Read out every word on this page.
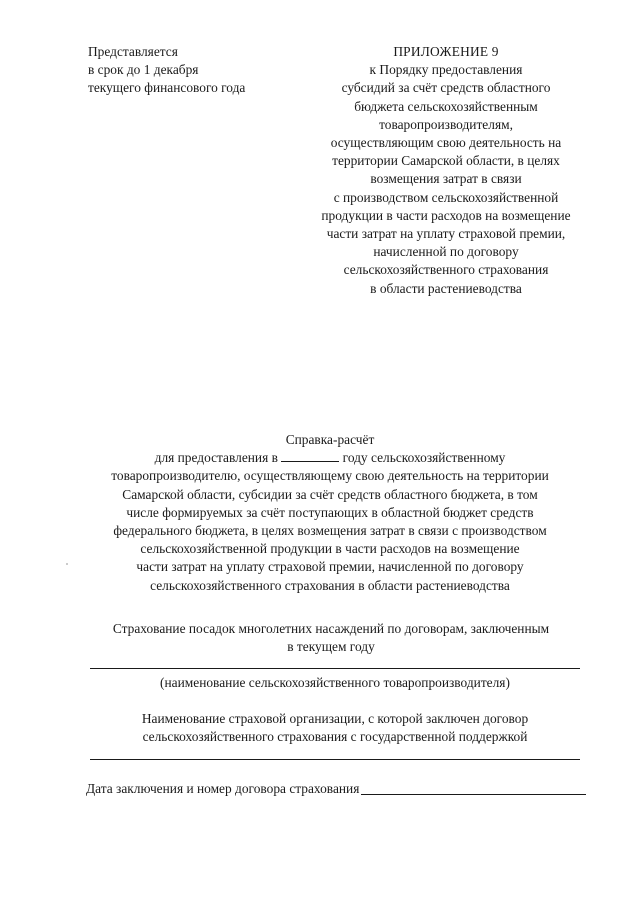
Представляется
в срок до 1 декабря
текущего финансового года
ПРИЛОЖЕНИЕ 9
к Порядку предоставления
субсидий за счёт средств областного
бюджета сельскохозяйственным
товаропроизводителям,
осуществляющим свою деятельность на
территории Самарской области, в целях
возмещения затрат в связи
с производством сельскохозяйственной
продукции в части расходов на возмещение
части затрат на уплату страховой премии,
начисленной по договору
сельскохозяйственного страхования
в области растениеводства
Справка-расчёт
для предоставления в	году сельскохозяйственному
товаропроизводителю, осуществляющему свою деятельность на территории
Самарской области, субсидии за счёт средств областного бюджета, в том
числе формируемых за счёт поступающих в областной бюджет средств
федерального бюджета, в целях возмещения затрат в связи с производством
сельскохозяйственной продукции в части расходов на возмещение
части затрат на уплату страховой премии, начисленной по договору
сельскохозяйственного страхования в области растениеводства
Страхование посадок многолетних насаждений по договорам, заключенным
в текущем году
(наименование сельскохозяйственного товаропроизводителя)
Наименование страховой организации, с которой заключен договор
сельскохозяйственного страхования с государственной поддержкой
Дата заключения и номер договора страхования
